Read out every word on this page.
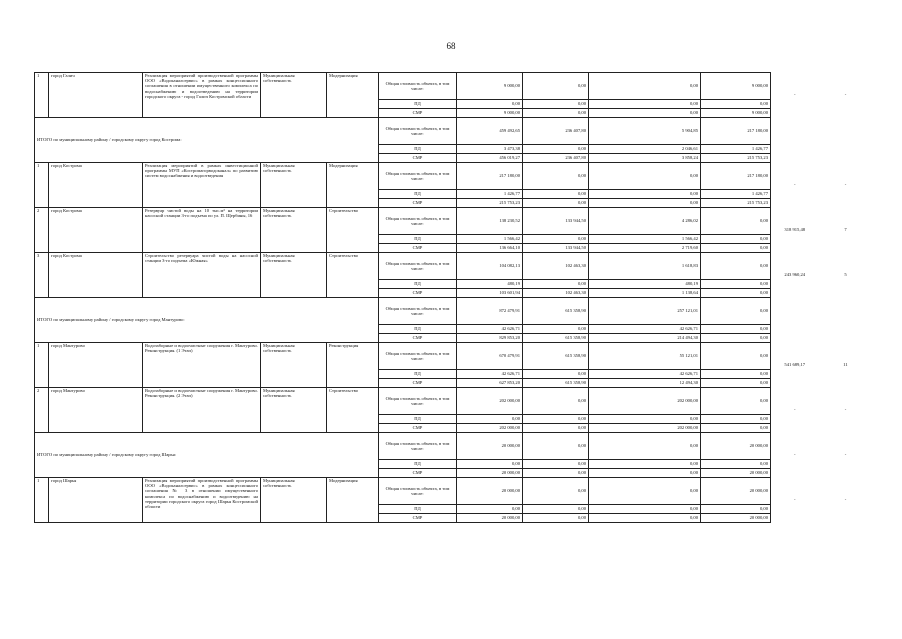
68
1	город Галич	Реализация мероприятий производственной программы ООО «Водоканалсервис» в рамках концессионного соглашения в отношении имущественного комплекса по водоснабжению и водоотведению на территории городского округа - город Галич Костромской области	Муниципальная собственность	Модернизация	Общая стоимость объекта, в том числе:	9 000,00	0,00	0,00	9 000,00	-	-
					ПД	0,00	0,00	0,00	0,00		
					СМР	9 000,00	0,00	0,00	9 000,00		
ИТОГО по муниципальному району / городскому округу город Кострома:					Общая стоимость объекта, в том числе:	459 492,65	236 407,80	5 904,85	217 180,00		
					ПД	3 473,38	0,00	2 046,61	1 426,77		
					СМР	456 019,27	236 407,80	3 858,24	215 753,23		
1	город Кострома	Реализация мероприятий в рамках инвестиционной программы МУП «Костромагорводоканал» по развитию систем водоснабжения и водоотведения	Муниципальная собственность	Модернизация	Общая стоимость объекта, в том числе:	217 180,00	0,00	0,00	217 180,00	-	-
					ПД	1 426,77	0,00	0,00	1 426,77		
					СМР	215 753,23	0,00	0,00	215 753,23		
2	город Кострома	Резервуар чистой воды на 10 тыс.м³ на территории насосной станции 3-го подъема по ул. П. Щербины, 16	Муниципальная собственность	Строительство	Общая стоимость объекта, в том числе:	138 230,52	133 944,50	4 286,02	0,00	318 915,48	7
					ПД	1 566,42	0,00	1 566,42	0,00		
					СМР	136 664,10	133 944,50	2 719,60	0,00		
3	город Кострома	Строительство резервуара чистой воды на насосной станции 3-го подъема «Южная»	Муниципальная собственность	Строительство	Общая стоимость объекта, в том числе:	104 082,13	102 463,30	1 618,83	0,00	243 960,24	5
					ПД	480,19	0,00	480,19	0,00		
					СМР	103 601,94	102 463,30	1 138,64	0,00		
ИТОГО по муниципальному району / городскому округу город Мантурово:					Общая стоимость объекта, в том числе:	872 479,91	615 358,90	257 121,01	0,00		
					ПД	42 626,71	0,00	42 626,71	0,00		
					СМР	829 853,20	615 358,90	214 494,30	0,00		
1	город Мантурово	Водозаборные и водоочистные сооружения г. Мантурово. Реконструкция. (1 Этап)	Муниципальная собственность	Реконструкция	Общая стоимость объекта, в том числе:	670 479,91	615 358,90	55 121,01	0,00	541 689,17	11
					ПД	42 626,71	0,00	42 626,71	0,00		
					СМР	627 853,20	615 358,90	12 494,30	0,00		
2	город Мантурово	Водозаборные и водоочистные сооружения г. Мантурово. Реконструкция. (2 Этап)	Муниципальная собственность	Строительство	Общая стоимость объекта, в том числе:	202 000,00	0,00	202 000,00	0,00	-	-
					ПД	0,00	0,00	0,00	0,00		
					СМР	202 000,00	0,00	202 000,00	0,00		
ИТОГО по муниципальному району / городскому округу город Шарья:					Общая стоимость объекта, в том числе:	20 000,00	0,00	0,00	20 000,00	-	-
					ПД	0,00	0,00	0,00	0,00		
					СМР	20 000,00	0,00	0,00	20 000,00		
1	город Шарья	Реализация мероприятий производственной программы ООО «Водоканалсервис» в рамках концессионного соглашения № 3 в отношении имущественного комплекса по водоснабжению и водоотведению на территории городского округа город Шарья Костромской области	Муниципальная собственность	Модернизация	Общая стоимость объекта, в том числе:	20 000,00	0,00	0,00	20 000,00	-	-
					ПД	0,00	0,00	0,00	0,00		
					СМР	20 000,00	0,00	0,00	20 000,00		
